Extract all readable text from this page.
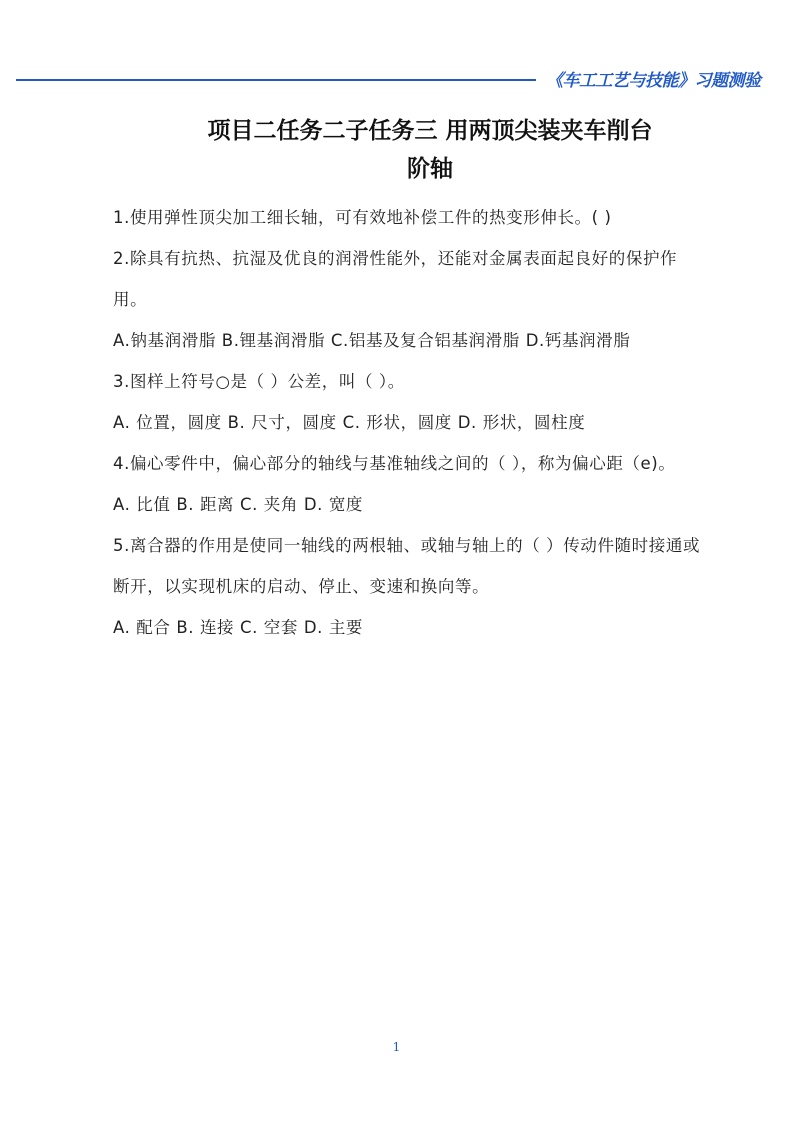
《车工工艺与技能》习题测验
项目二任务二子任务三 用两顶尖装夹车削台
阶轴

1.使用弹性顶尖加工细长轴，可有效地补偿工件的热变形伸长。( )

2.除具有抗热、抗湿及优良的润滑性能外，还能对金属表面起良好的保护作用。

A.钠基润滑脂 B.锂基润滑脂 C.铝基及复合铝基润滑脂 D.钙基润滑脂

3.图样上符号○是（ ）公差，叫（ ）。

A. 位置，圆度 B. 尺寸，圆度 C. 形状，圆度 D. 形状，圆柱度

4.偏心零件中，偏心部分的轴线与基准轴线之间的（ ），称为偏心距（e)。

A. 比值 B. 距离 C. 夹角 D. 宽度

5.离合器的作用是使同一轴线的两根轴、或轴与轴上的（ ）传动件随时接通或断开，以实现机床的启动、停止、变速和换向等。

A. 配合 B. 连接 C. 空套 D. 主要

1
